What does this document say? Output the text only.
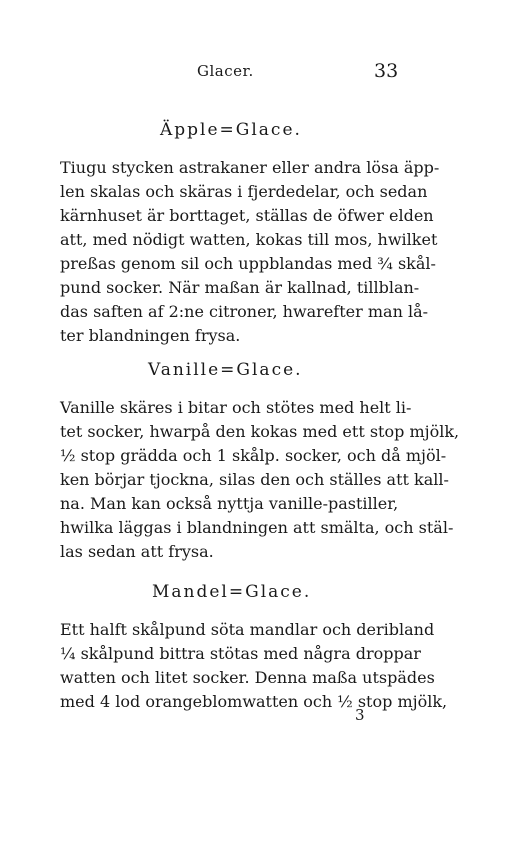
Glacer.	33
Äpple=Glace.
Tiugu stycken astrakaner eller andra lösa äpp-
len skalas och skäras i fjerdedelar, och sedan
kärnhuset är borttaget, ställas de öfwer elden
att, med nödigt watten, kokas till mos, hwilket
preßas genom sil och uppblandas med ¾ skål-
pund socker. När maßan är kallnad, tillblan-
das saften af 2:ne citroner, hwarefter man lå-
ter blandningen frysa.
Vanille=Glace.
Vanille skäres i bitar och stötes med helt li-
tet socker, hwarpå den kokas med ett stop mjölk,
½ stop grädda och 1 skålp. socker, och då mjöl-
ken börjar tjockna, silas den och ställes att kall-
na. Man kan också nyttja vanille-pastiller,
hwilka läggas i blandningen att smälta, och stäl-
las sedan att frysa.
Mandel=Glace.
Ett halft skålpund söta mandlar och deribland
¼ skålpund bittra stötas med några droppar
watten och litet socker. Denna maßa utspädes
med 4 lod orangeblomwatten och ½ stop mjölk,
3
